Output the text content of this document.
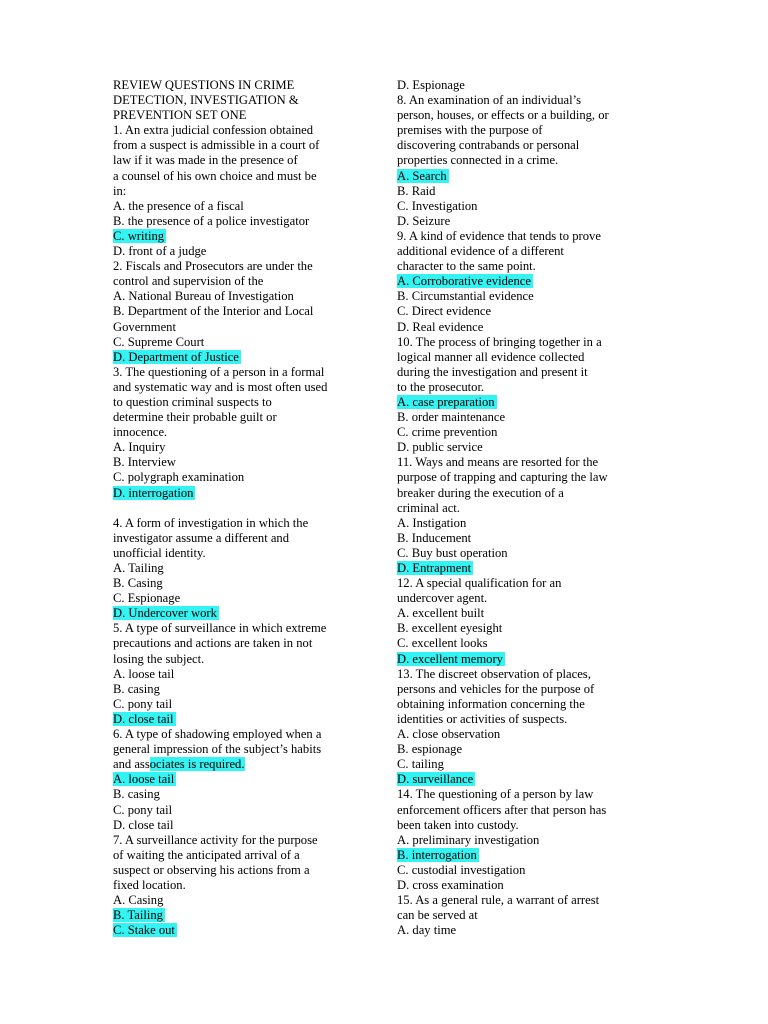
REVIEW QUESTIONS IN CRIME
DETECTION, INVESTIGATION &
PREVENTION SET ONE
1. An extra judicial confession obtained
from a suspect is admissible in a court of
law if it was made in the presence of
a counsel of his own choice and must be
in:
A. the presence of a fiscal
B. the presence of a police investigator
C. writing
D. front of a judge
2. Fiscals and Prosecutors are under the
control and supervision of the
A. National Bureau of Investigation
B. Department of the Interior and Local
Government
C. Supreme Court
D. Department of Justice
3. The questioning of a person in a formal
and systematic way and is most often used
to question criminal suspects to
determine their probable guilt or
innocence.
A. Inquiry
B. Interview
C. polygraph examination
D. interrogation
4. A form of investigation in which the
investigator assume a different and
unofficial identity.
A. Tailing
B. Casing
C. Espionage
D. Undercover work
5. A type of surveillance in which extreme
precautions and actions are taken in not
losing the subject.
A. loose tail
B. casing
C. pony tail
D. close tail
6. A type of shadowing employed when a
general impression of the subject’s habits
and associates is required.
A. loose tail
B. casing
C. pony tail
D. close tail
7. A surveillance activity for the purpose
of waiting the anticipated arrival of a
suspect or observing his actions from a
fixed location.
A. Casing
B. Tailing
C. Stake out
D. Espionage
8. An examination of an individual’s
person, houses, or effects or a building, or
premises with the purpose of
discovering contrabands or personal
properties connected in a crime.
A. Search
B. Raid
C. Investigation
D. Seizure
9. A kind of evidence that tends to prove
additional evidence of a different
character to the same point.
A. Corroborative evidence
B. Circumstantial evidence
C. Direct evidence
D. Real evidence
10. The process of bringing together in a
logical manner all evidence collected
during the investigation and present it
to the prosecutor.
A. case preparation
B. order maintenance
C. crime prevention
D. public service
11. Ways and means are resorted for the
purpose of trapping and capturing the law
breaker during the execution of a
criminal act.
A. Instigation
B. Inducement
C. Buy bust operation
D. Entrapment
12. A special qualification for an
undercover agent.
A. excellent built
B. excellent eyesight
C. excellent looks
D. excellent memory
13. The discreet observation of places,
persons and vehicles for the purpose of
obtaining information concerning the
identities or activities of suspects.
A. close observation
B. espionage
C. tailing
D. surveillance
14. The questioning of a person by law
enforcement officers after that person has
been taken into custody.
A. preliminary investigation
B. interrogation
C. custodial investigation
D. cross examination
15. As a general rule, a warrant of arrest
can be served at
A. day time
